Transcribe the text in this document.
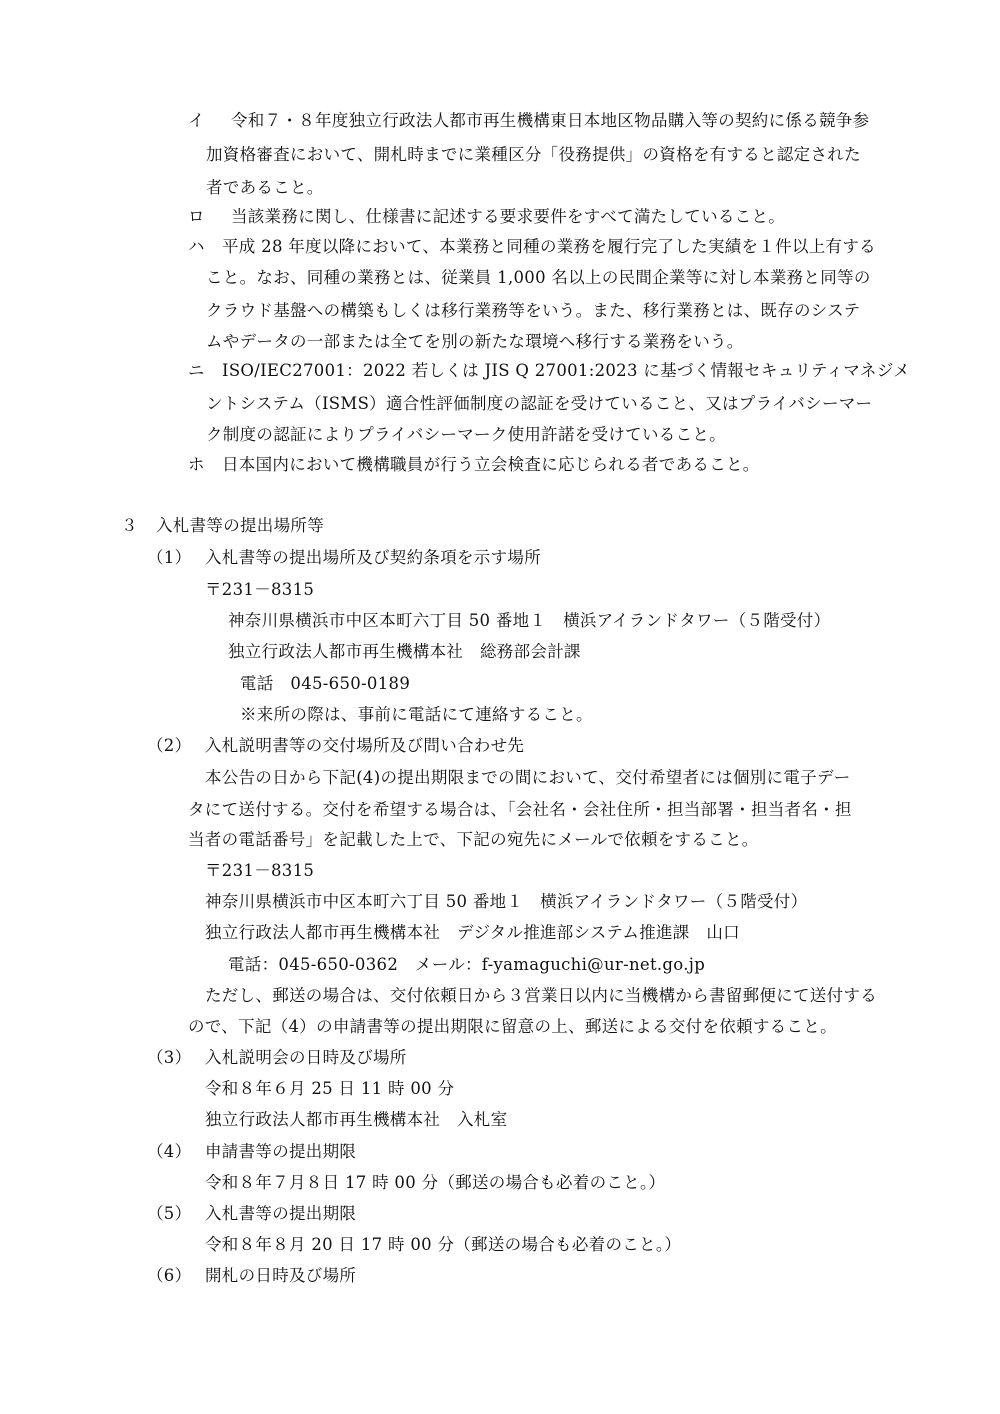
イ 令和７・８年度独立行政法人都市再生機構東日本地区物品購入等の契約に係る競争参
加資格審査において、開札時までに業種区分「役務提供」の資格を有すると認定された
者であること。
ロ 当該業務に関し、仕様書に記述する要求要件をすべて満たしていること。
ハ 平成 28 年度以降において、本業務と同種の業務を履行完了した実績を１件以上有する
こと。なお、同種の業務とは、従業員 1,000 名以上の民間企業等に対し本業務と同等の
クラウド基盤への構築もしくは移行業務等をいう。また、移行業務とは、既存のシステ
ムやデータの一部または全てを別の新たな環境へ移行する業務をいう。
ニ ISO/IEC27001：2022 若しくは JIS Q 27001:2023 に基づく情報セキュリティマネジメ
ントシステム（ISMS）適合性評価制度の認証を受けていること、又はプライバシーマー
ク制度の認証によりプライバシーマーク使用許諾を受けていること。
ホ 日本国内において機構職員が行う立会検査に応じられる者であること。
３ 入札書等の提出場所等
（1） 入札書等の提出場所及び契約条項を示す場所
〒231－8315
神奈川県横浜市中区本町六丁目 50 番地１　横浜アイランドタワー（５階受付）
独立行政法人都市再生機構本社　総務部会計課
電話　045-650-0189
※来所の際は、事前に電話にて連絡すること。
（2） 入札説明書等の交付場所及び問い合わせ先
本公告の日から下記(4)の提出期限までの間において、交付希望者には個別に電子デー
タにて送付する。交付を希望する場合は、「会社名・会社住所・担当部署・担当者名・担
当者の電話番号」を記載した上で、下記の宛先にメールで依頼をすること。
〒231－8315
神奈川県横浜市中区本町六丁目 50 番地１　横浜アイランドタワー（５階受付）
独立行政法人都市再生機構本社　デジタル推進部システム推進課　山口
電話：045-650-0362　メール：f-yamaguchi@ur-net.go.jp
ただし、郵送の場合は、交付依頼日から３営業日以内に当機構から書留郵便にて送付する
ので、下記（4）の申請書等の提出期限に留意の上、郵送による交付を依頼すること。
（3） 入札説明会の日時及び場所
令和８年６月 25 日 11 時 00 分
独立行政法人都市再生機構本社　入札室
（4） 申請書等の提出期限
令和８年７月８日 17 時 00 分（郵送の場合も必着のこと。）
（5） 入札書等の提出期限
令和８年８月 20 日 17 時 00 分（郵送の場合も必着のこと。）
（6） 開札の日時及び場所
